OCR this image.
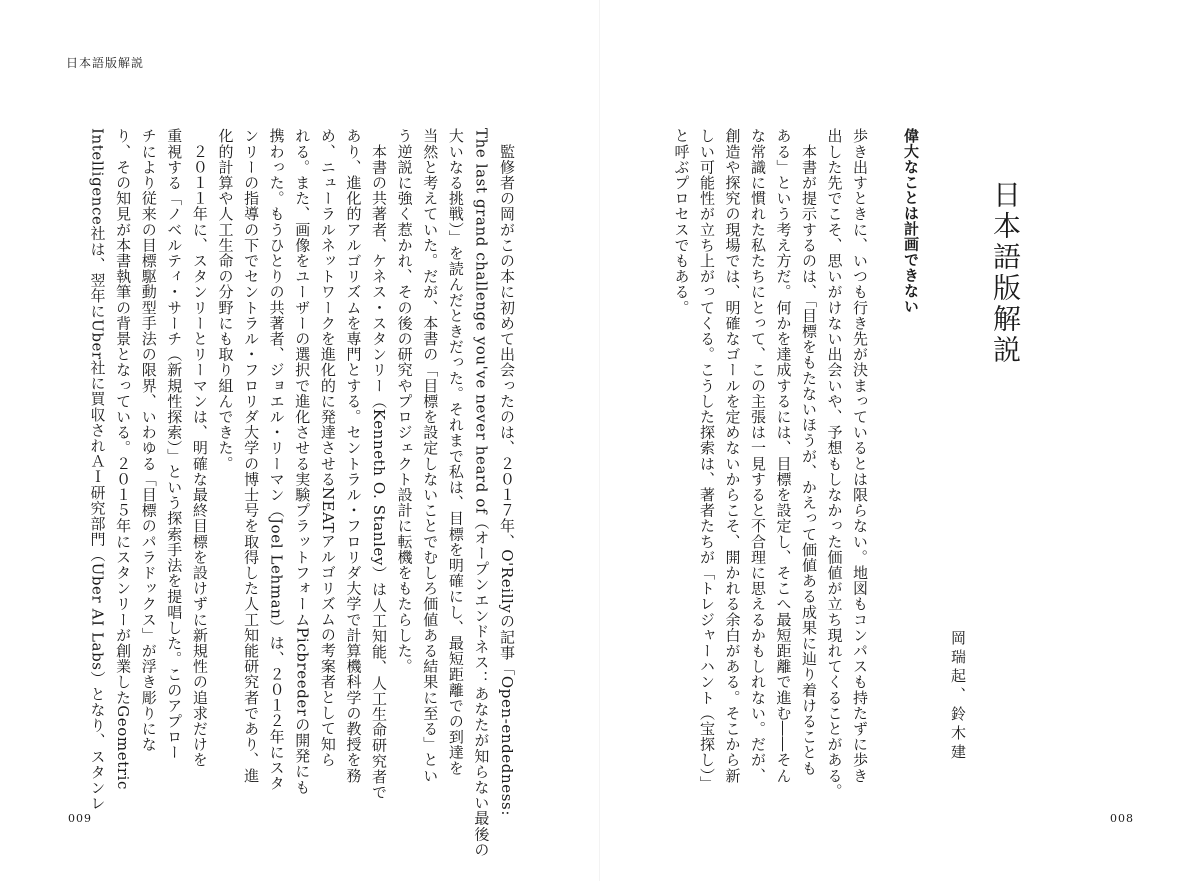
日本語版解説
　監修者の岡がこの本に初めて出会ったのは、２０１７年、O'Reillyの記事「Open-endedness:
The last grand challenge you've never heard of（オープンエンドネス：あなたが知らない最後の
大いなる挑戦）」を読んだときだった。それまで私は、目標を明確にし、最短距離での到達を
当然と考えていた。だが、本書の「目標を設定しないことでむしろ価値ある結果に至る」とい
う逆説に強く惹かれ、その後の研究やプロジェクト設計に転機をもたらした。
　本書の共著者、ケネス・スタンリー（Kenneth O. Stanley）は人工知能、人工生命研究者で
あり、進化的アルゴリズムを専門とする。セントラル・フロリダ大学で計算機科学の教授を務
め、ニューラルネットワークを進化的に発達させるNEATアルゴリズムの考案者として知ら
れる。また、画像をユーザーの選択で進化させる実験プラットフォームPicbreederの開発にも
携わった。もうひとりの共著者、ジョエル・リーマン（Joel Lehman）は、２０１２年にスタ
ンリーの指導の下でセントラル・フロリダ大学の博士号を取得した人工知能研究者であり、進
化的計算や人工生命の分野にも取り組んできた。
　２０１１年に、スタンリーとリーマンは、明確な最終目標を設けずに新規性の追求だけを
重視する「ノベルティ・サーチ（新規性探索）」という探索手法を提唱した。このアプロー
チにより従来の目標駆動型手法の限界、いわゆる「目標のパラドックス」が浮き彫りにな
り、その知見が本書執筆の背景となっている。２０１５年にスタンリーが創業したGeometric
Intelligence社は、翌年にUber社に買収されＡＩ研究部門（Uber AI Labs）となり、スタンレ	歩き出すときに、いつも行き先が決まっているとは限らない。地図もコンパスも持たずに歩き
出した先でこそ、思いがけない出会いや、予想もしなかった価値が立ち現れてくることがある。
　本書が提示するのは、「目標をもたないほうが、かえって価値ある成果に辿り着けることも
ある」という考え方だ。何かを達成するには、目標を設定し、そこへ最短距離で進む――そん
な常識に慣れた私たちにとって、この主張は一見すると不合理に思えるかもしれない。だが、
創造や探究の現場では、明確なゴールを定めないからこそ、開かれる余白がある。そこから新
しい可能性が立ち上がってくる。こうした探索は、著者たちが「トレジャーハント（宝探し）」
と呼ぶプロセスでもある。	偉大なことは計画できない
岡瑞起、鈴木建
日本語版解説
009	008
